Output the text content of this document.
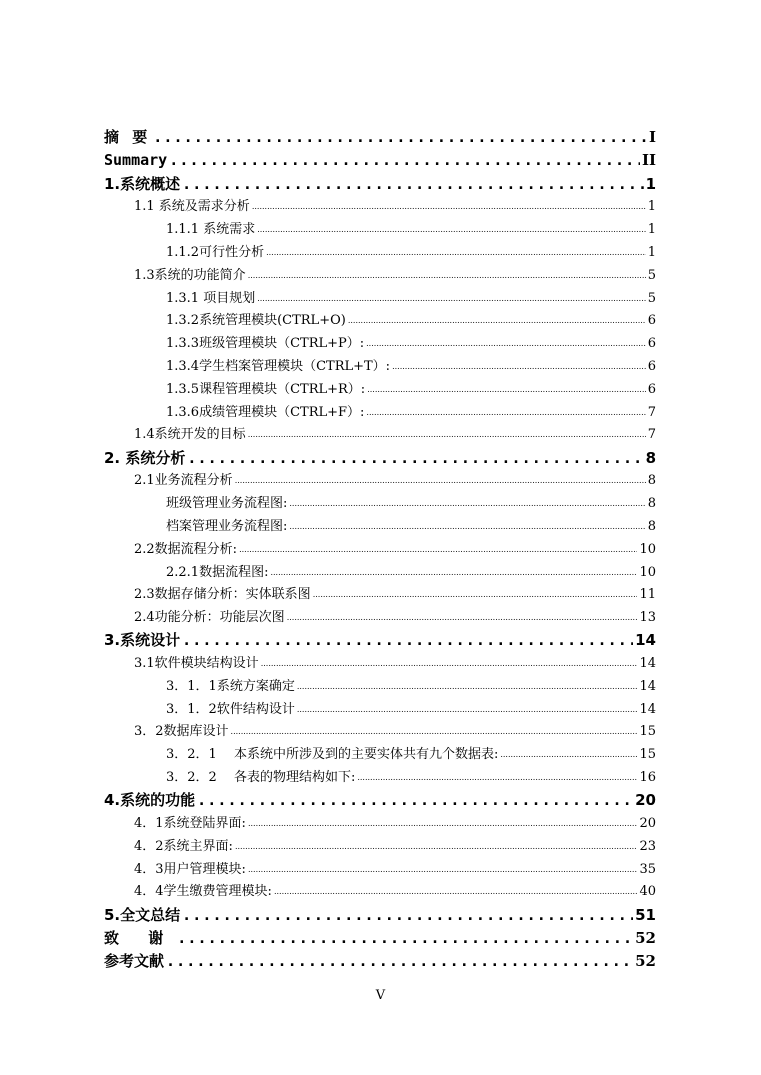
摘 要 .....	I
Summary .....	II
1.系统概述 .....	1
1.1 系统及需求分析 .....	1
1.1.1 系统需求 .....	1
1.1.2可行性分析 .....	1
1.3系统的功能简介 .....	5
1.3.1 项目规划 .....	5
1.3.2系统管理模块(CTRL+O) .....	6
1.3.3班级管理模块（CTRL+P）: .....	6
1.3.4学生档案管理模块（CTRL+T）: .....	6
1.3.5课程管理模块（CTRL+R）: .....	6
1.3.6成绩管理模块（CTRL+F）: .....	7
1.4系统开发的目标 .....	7
2. 系统分析 .....	8
2.1业务流程分析 .....	8
班级管理业务流程图: .....	8
档案管理业务流程图: .....	8
2.2数据流程分析: .....	10
2.2.1数据流程图: .....	10
2.3数据存储分析：实体联系图 .....	11
2.4功能分析：功能层次图 .....	13
3.系统设计 .....	14
3.1软件模块结构设计 .....	14
3．1．1系统方案确定 .....	14
3．1．2软件结构设计 .....	14
3．2数据库设计 .....	15
3．2．1　 本系统中所涉及到的主要实体共有九个数据表: .....	15
3．2．2　 各表的物理结构如下: .....	16
4.系统的功能 .....	20
4．1系统登陆界面: .....	20
4．2系统主界面: .....	23
4．3用户管理模块: .....	35
4．4学生缴费管理模块: .....	40
5.全文总结 .....	51
致 谢 .....	52
参考文献 .....	52
V
